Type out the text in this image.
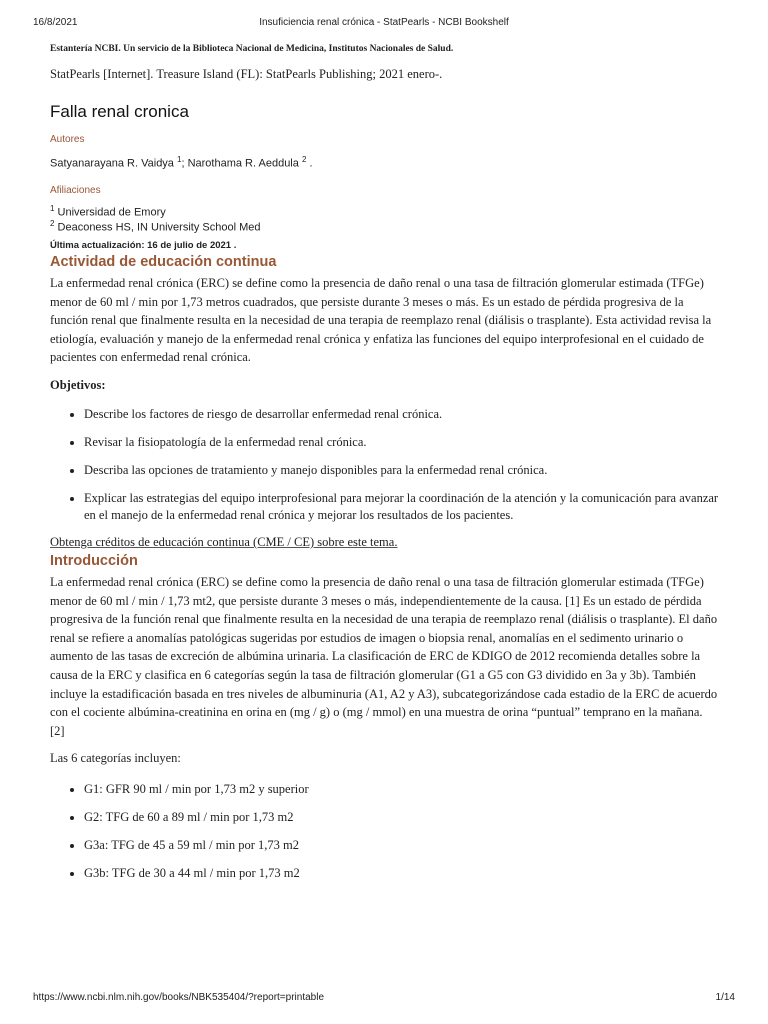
16/8/2021	Insuficiencia renal crónica - StatPearls - NCBI Bookshelf

Estantería NCBI. Un servicio de la Biblioteca Nacional de Medicina, Institutos Nacionales de Salud.

StatPearls [Internet]. Treasure Island (FL): StatPearls Publishing; 2021 enero-.

Falla renal cronica

Autores

Satyanarayana R. Vaidya $^1$; Narothama R. Aeddula $^2$ .

Afiliaciones

$^1$ Universidad de Emory
$^2$ Deaconess HS, IN University School Med
Última actualización: 16 de julio de 2021 .
Actividad de educación continua

La enfermedad renal crónica (ERC) se define como la presencia de daño renal o una tasa de filtración glomerular estimada (TFGe) menor de 60 ml / min por 1,73 metros cuadrados, que persiste durante 3 meses o más. Es un estado de pérdida progresiva de la función renal que finalmente resulta en la necesidad de una terapia de reemplazo renal (diálisis o trasplante). Esta actividad revisa la etiología, evaluación y manejo de la enfermedad renal crónica y enfatiza las funciones del equipo interprofesional en el cuidado de pacientes con enfermedad renal crónica.

Objetivos:

• Describe los factores de riesgo de desarrollar enfermedad renal crónica.
• Revisar la fisiopatología de la enfermedad renal crónica.
• Describa las opciones de tratamiento y manejo disponibles para la enfermedad renal crónica.
• Explicar las estrategias del equipo interprofesional para mejorar la coordinación de la atención y la comunicación para avanzar en el manejo de la enfermedad renal crónica y mejorar los resultados de los pacientes.

Obtenga créditos de educación continua (CME / CE) sobre este tema.

Introducción

La enfermedad renal crónica (ERC) se define como la presencia de daño renal o una tasa de filtración glomerular estimada (TFGe) menor de 60 ml / min / 1,73 mt2, que persiste durante 3 meses o más, independientemente de la causa. [1] Es un estado de pérdida progresiva de la función renal que finalmente resulta en la necesidad de una terapia de reemplazo renal (diálisis o trasplante). El daño renal se refiere a anomalías patológicas sugeridas por estudios de imagen o biopsia renal, anomalías en el sedimento urinario o aumento de las tasas de excreción de albúmina urinaria. La clasificación de ERC de KDIGO de 2012 recomienda detalles sobre la causa de la ERC y clasifica en 6 categorías según la tasa de filtración glomerular (G1 a G5 con G3 dividido en 3a y 3b). También incluye la estadificación basada en tres niveles de albuminuria (A1, A2 y A3), subcategorizándose cada estadio de la ERC de acuerdo con el cociente albúmina-creatinina en orina en (mg / g) o (mg / mmol) en una muestra de orina “puntual” temprano en la mañana. [2]

Las 6 categorías incluyen:

• G1: GFR 90 ml / min por 1,73 m2 y superior
• G2: TFG de 60 a 89 ml / min por 1,73 m2
• G3a: TFG de 45 a 59 ml / min por 1,73 m2
• G3b: TFG de 30 a 44 ml / min por 1,73 m2
https://www.ncbi.nlm.nih.gov/books/NBK535404/?report=printable	1/14
